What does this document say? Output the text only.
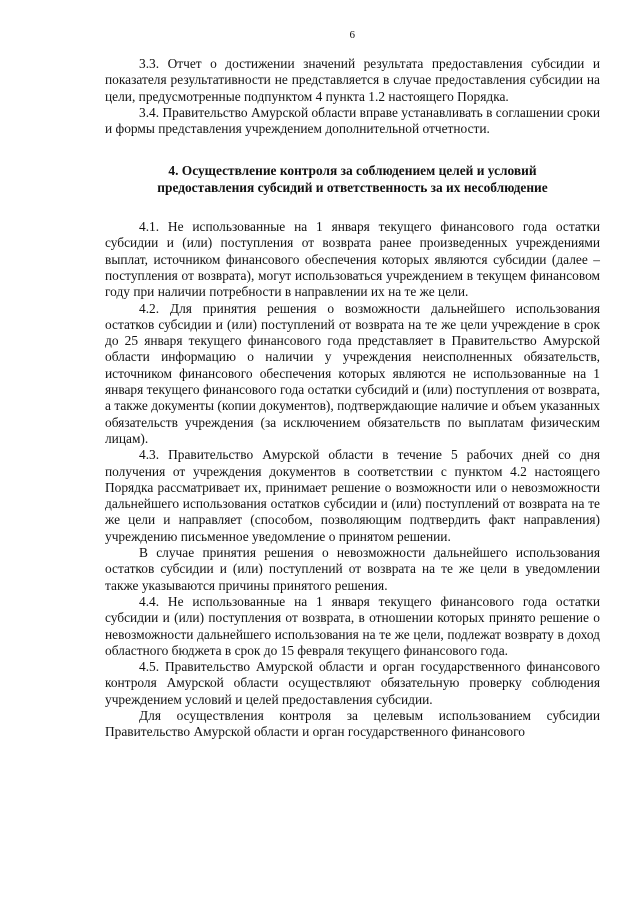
6

3.3. Отчет о достижении значений результата предоставления субсидии и показателя результативности не представляется в случае предоставления субсидии на цели, предусмотренные подпунктом 4 пункта 1.2 настоящего Порядка.

3.4. Правительство Амурской области вправе устанавливать в соглашении сроки и формы представления учреждением дополнительной отчетности.

4. Осуществление контроля за соблюдением целей и условий
предоставления субсидий и ответственность за их несоблюдение

4.1. Не использованные на 1 января текущего финансового года остатки субсидии и (или) поступления от возврата ранее произведенных учреждениями выплат, источником финансового обеспечения которых являются субсидии (далее – поступления от возврата), могут использоваться учреждением в текущем финансовом году при наличии потребности в направлении их на те же цели.

4.2. Для принятия решения о возможности дальнейшего использования остатков субсидии и (или) поступлений от возврата на те же цели учреждение в срок до 25 января текущего финансового года представляет в Правительство Амурской области информацию о наличии у учреждения неисполненных обязательств, источником финансового обеспечения которых являются не использованные на 1 января текущего финансового года остатки субсидий и (или) поступления от возврата, а также документы (копии документов), подтверждающие наличие и объем указанных обязательств учреждения (за исключением обязательств по выплатам физическим лицам).

4.3. Правительство Амурской области в течение 5 рабочих дней со дня получения от учреждения документов в соответствии с пунктом 4.2 настоящего Порядка рассматривает их, принимает решение о возможности или о невозможности дальнейшего использования остатков субсидии и (или) поступлений от возврата на те же цели и направляет (способом, позволяющим подтвердить факт направления) учреждению письменное уведомление о принятом решении.

В случае принятия решения о невозможности дальнейшего использования остатков субсидии и (или) поступлений от возврата на те же цели в уведомлении также указываются причины принятого решения.

4.4. Не использованные на 1 января текущего финансового года остатки субсидии и (или) поступления от возврата, в отношении которых принято решение о невозможности дальнейшего использования на те же цели, подлежат возврату в доход областного бюджета в срок до 15 февраля текущего финансового года.

4.5. Правительство Амурской области и орган государственного финансового контроля Амурской области осуществляют обязательную проверку соблюдения учреждением условий и целей предоставления субсидии.

Для осуществления контроля за целевым использованием субсидии Правительство Амурской области и орган государственного финансового
